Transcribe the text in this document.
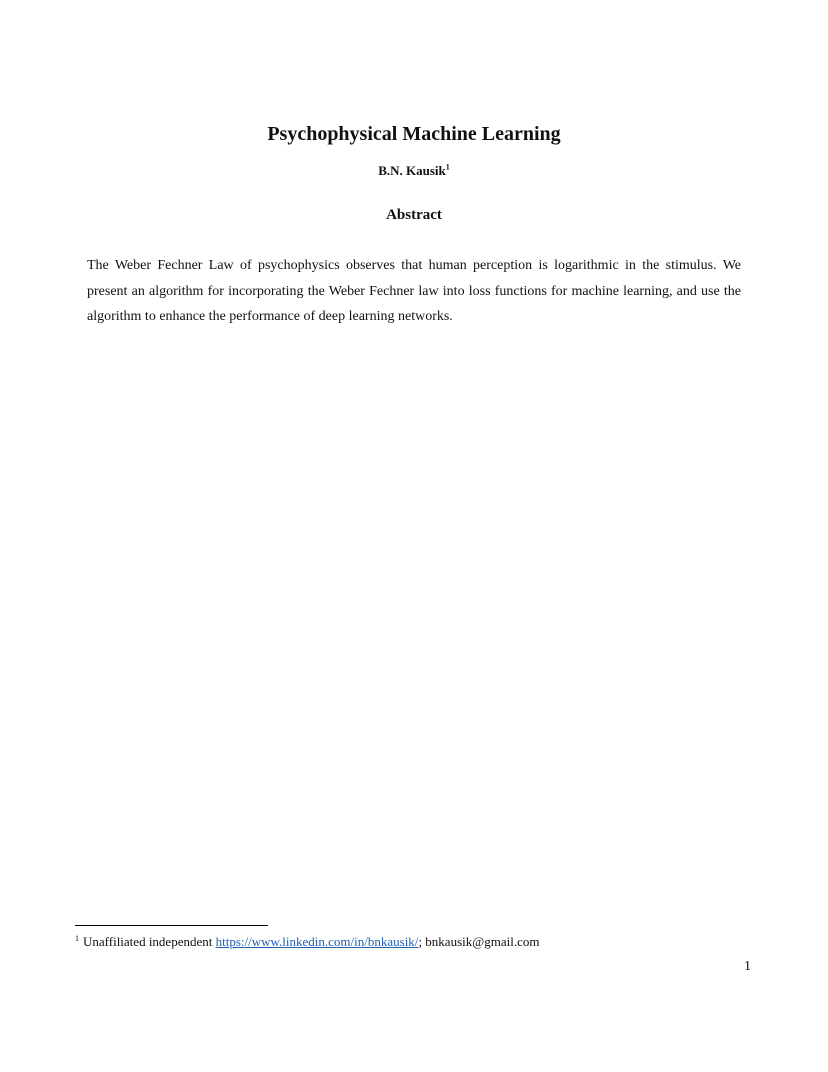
Psychophysical Machine Learning
B.N. Kausik$^1$
Abstract

The Weber Fechner Law of psychophysics observes that human perception is logarithmic in the stimulus. We present an algorithm for incorporating the Weber Fechner law into loss functions for machine learning, and use the algorithm to enhance the performance of deep learning networks.

$^1$ Unaffiliated independent https://www.linkedin.com/in/bnkausik/; bnkausik@gmail.com
1
